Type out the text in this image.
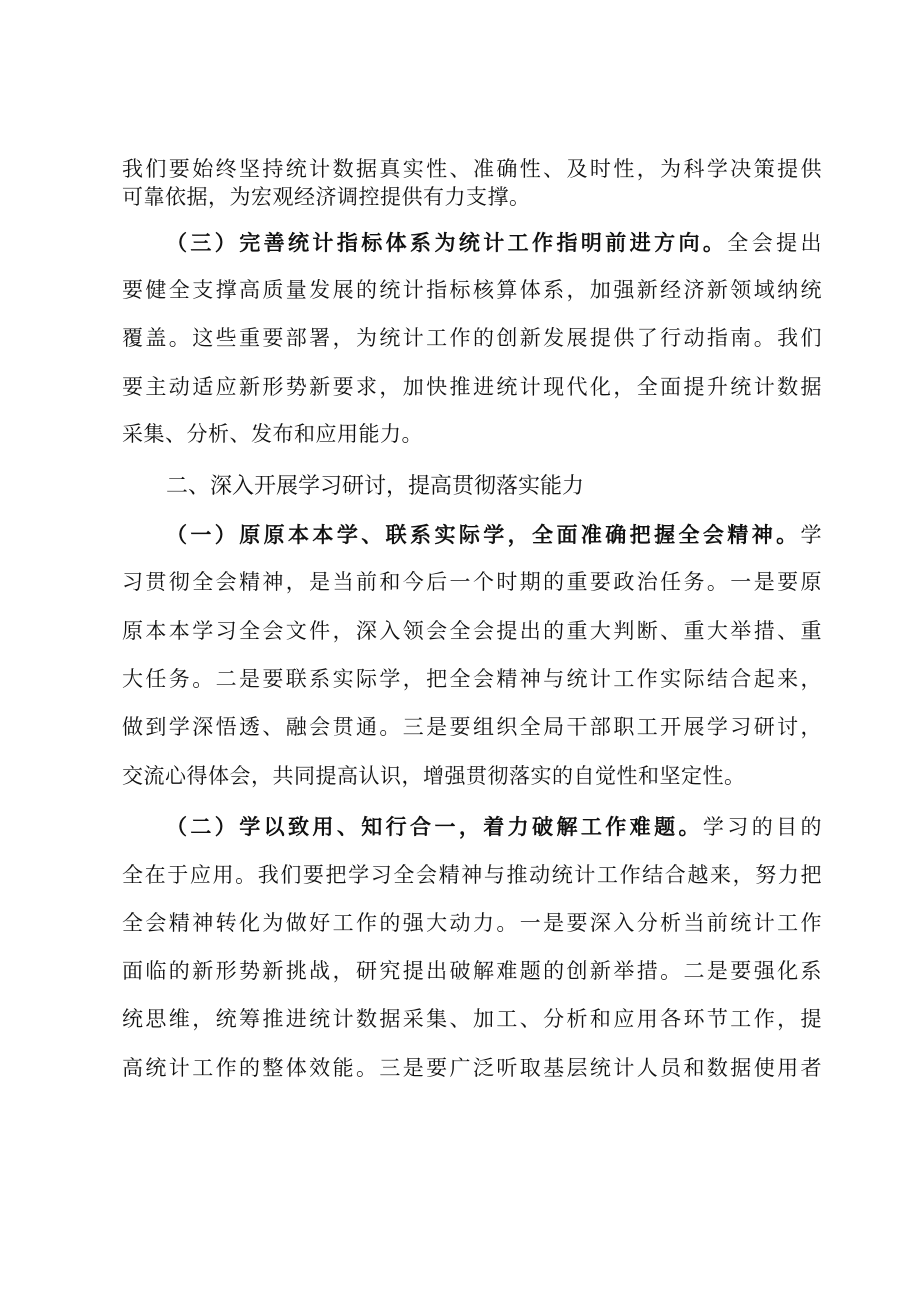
我们要始终坚持统计数据真实性、准确性、及时性，为科学决策提供
可靠依据，为宏观经济调控提供有力支撑。
（三）完善统计指标体系为统计工作指明前进方向。全会提出
要健全支撑高质量发展的统计指标核算体系，加强新经济新领域纳统
覆盖。这些重要部署，为统计工作的创新发展提供了行动指南。我们
要主动适应新形势新要求，加快推进统计现代化，全面提升统计数据
采集、分析、发布和应用能力。
二、深入开展学习研讨，提高贯彻落实能力
（一）原原本本学、联系实际学，全面准确把握全会精神。学
习贯彻全会精神，是当前和今后一个时期的重要政治任务。一是要原
原本本学习全会文件，深入领会全会提出的重大判断、重大举措、重
大任务。二是要联系实际学，把全会精神与统计工作实际结合起来，
做到学深悟透、融会贯通。三是要组织全局干部职工开展学习研讨，
交流心得体会，共同提高认识，增强贯彻落实的自觉性和坚定性。
（二）学以致用、知行合一，着力破解工作难题。学习的目的
全在于应用。我们要把学习全会精神与推动统计工作结合越来，努力把
全会精神转化为做好工作的强大动力。一是要深入分析当前统计工作
面临的新形势新挑战，研究提出破解难题的创新举措。二是要强化系
统思维，统筹推进统计数据采集、加工、分析和应用各环节工作，提
高统计工作的整体效能。三是要广泛听取基层统计人员和数据使用者
